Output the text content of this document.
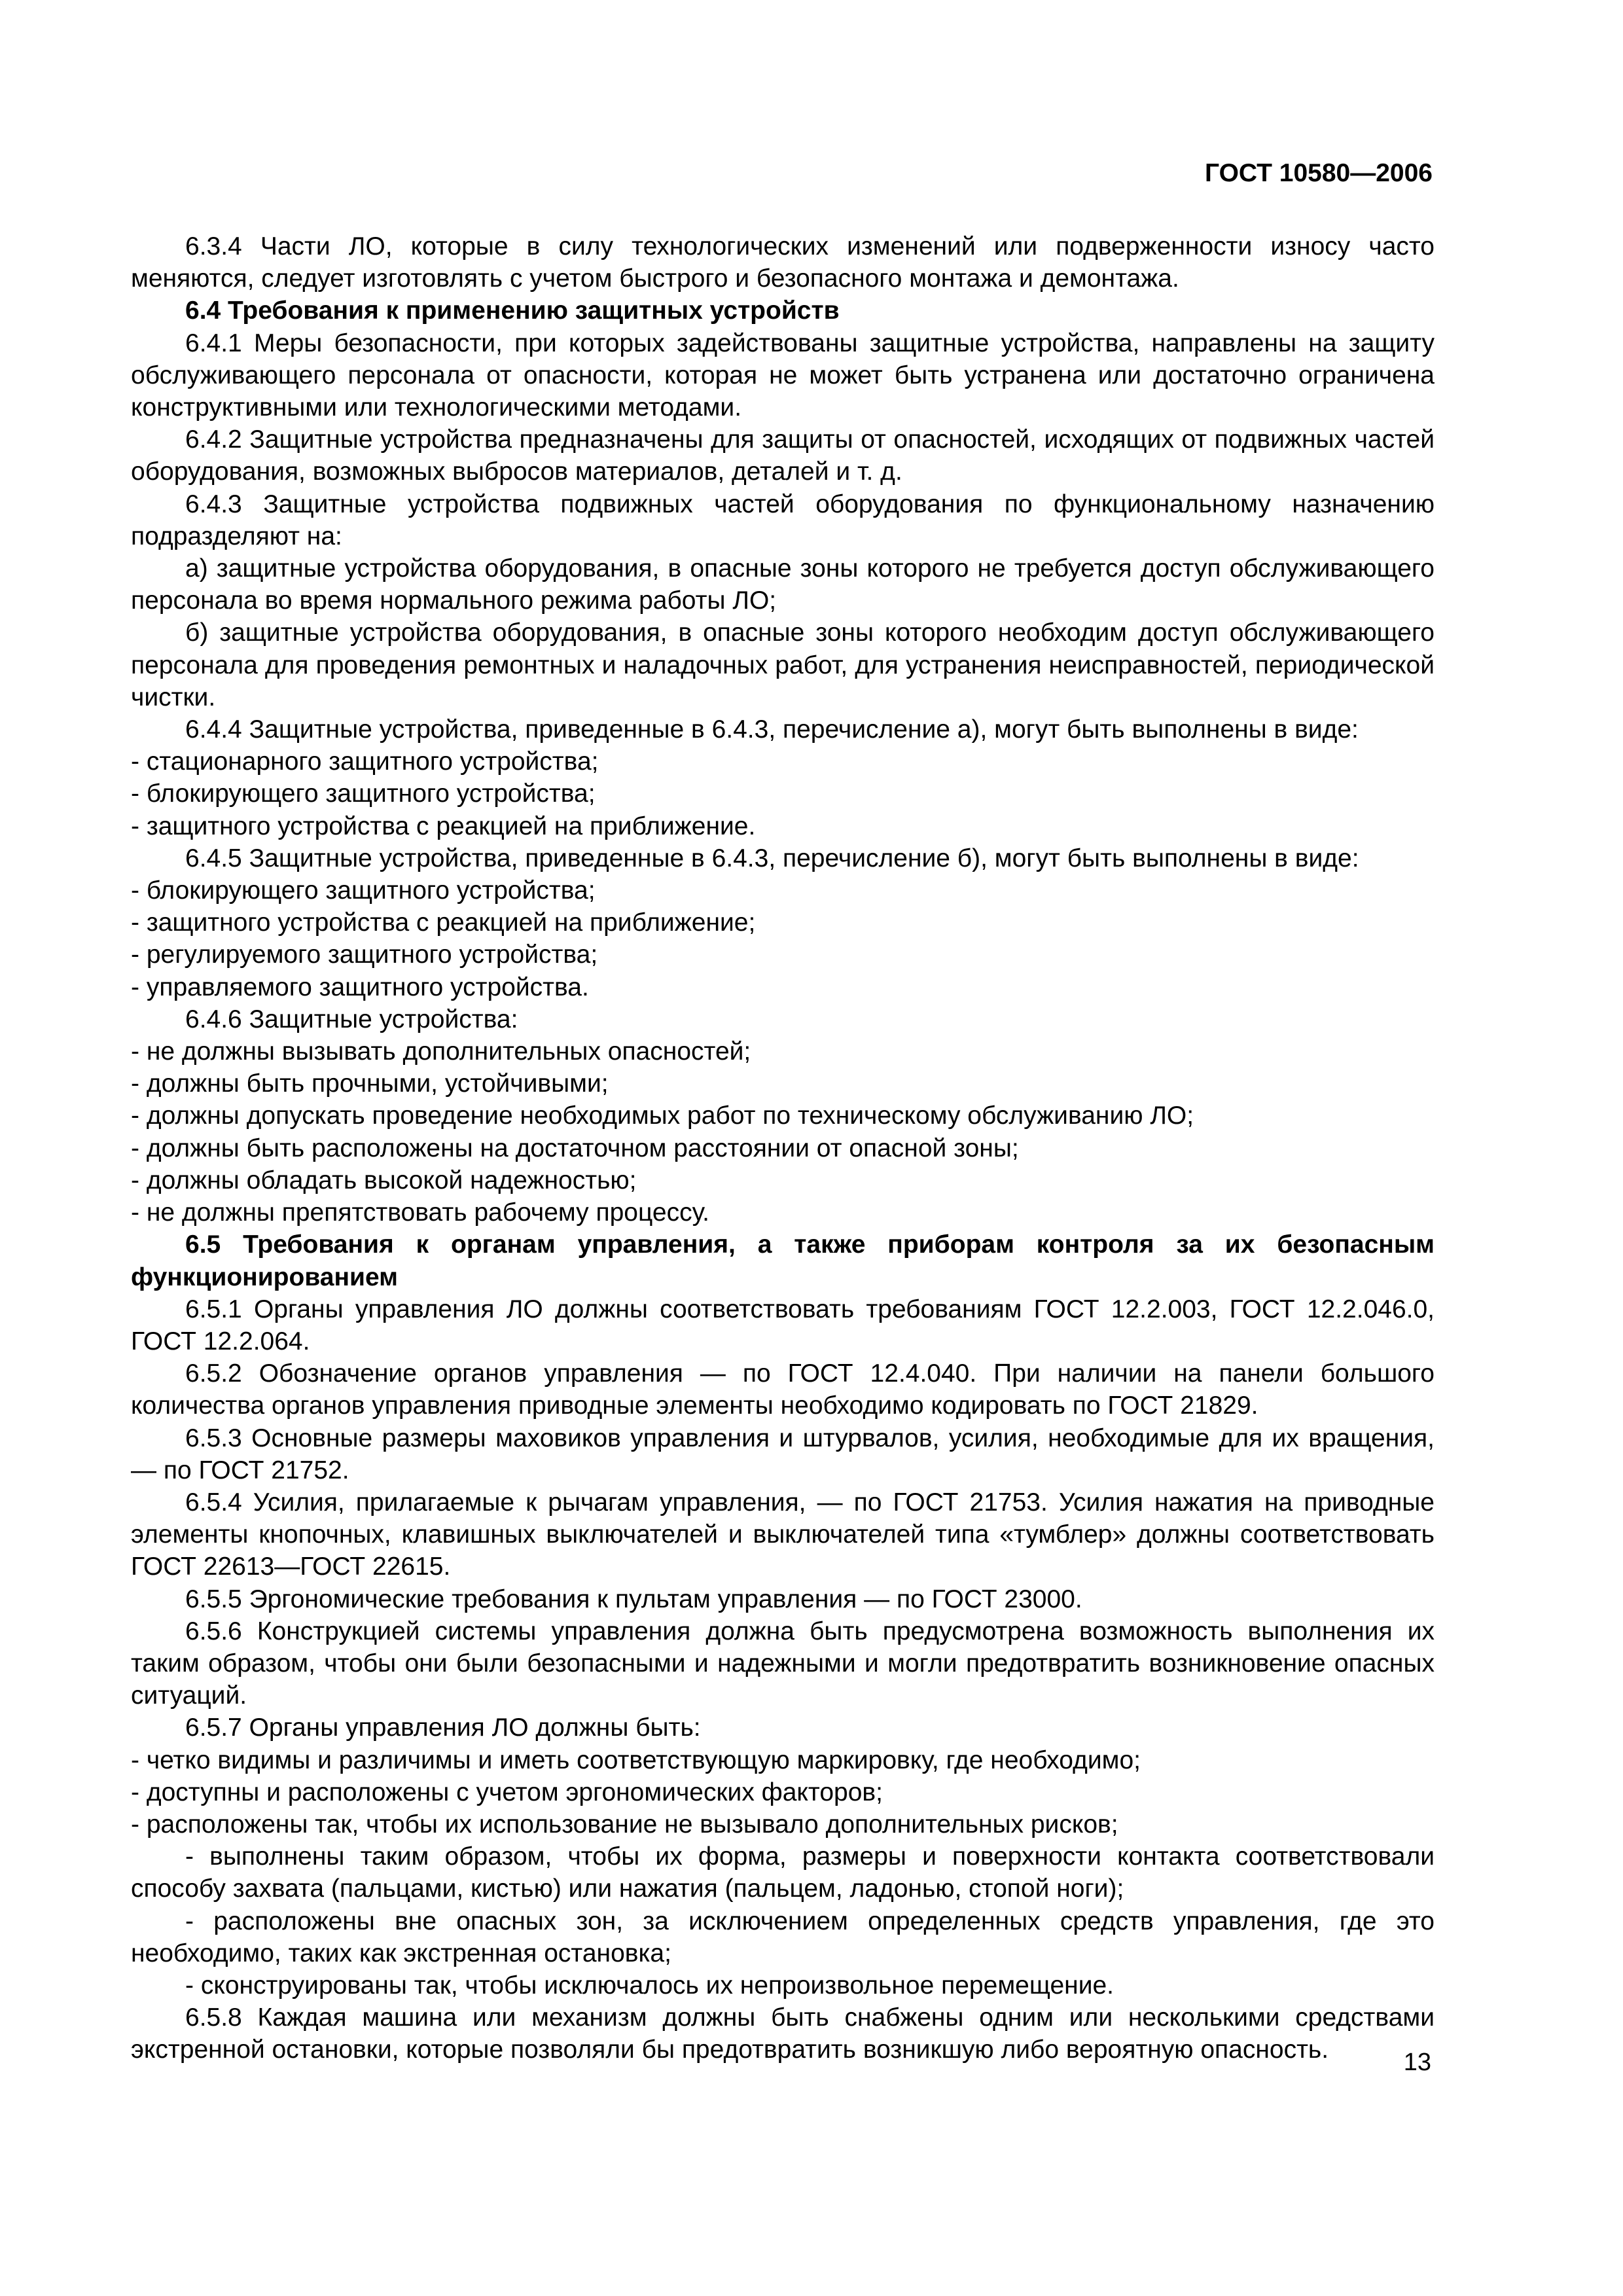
ГОСТ 10580—2006

6.3.4 Части ЛО, которые в силу технологических изменений или подверженности износу часто меняются, следует изготовлять с учетом быстрого и безопасного монтажа и демонтажа.

6.4 Требования к применению защитных устройств

6.4.1 Меры безопасности, при которых задействованы защитные устройства, направлены на защиту обслуживающего персонала от опасности, которая не может быть устранена или достаточно ограничена конструктивными или технологическими методами.

6.4.2 Защитные устройства предназначены для защиты от опасностей, исходящих от подвижных частей оборудования, возможных выбросов материалов, деталей и т. д.

6.4.3 Защитные устройства подвижных частей оборудования по функциональному назначению подразделяют на:

а) защитные устройства оборудования, в опасные зоны которого не требуется доступ обслуживающего персонала во время нормального режима работы ЛО;

б) защитные устройства оборудования, в опасные зоны которого необходим доступ обслуживающего персонала для проведения ремонтных и наладочных работ, для устранения неисправностей, периодической чистки.

6.4.4 Защитные устройства, приведенные в 6.4.3, перечисление а), могут быть выполнены в виде:

- стационарного защитного устройства;

- блокирующего защитного устройства;

- защитного устройства с реакцией на приближение.

6.4.5 Защитные устройства, приведенные в 6.4.3, перечисление б), могут быть выполнены в виде:

- блокирующего защитного устройства;

- защитного устройства с реакцией на приближение;

- регулируемого защитного устройства;

- управляемого защитного устройства.

6.4.6 Защитные устройства:

- не должны вызывать дополнительных опасностей;

- должны быть прочными, устойчивыми;

- должны допускать проведение необходимых работ по техническому обслуживанию ЛО;

- должны быть расположены на достаточном расстоянии от опасной зоны;

- должны обладать высокой надежностью;

- не должны препятствовать рабочему процессу.

6.5 Требования к органам управления, а также приборам контроля за их безопасным функционированием

6.5.1 Органы управления ЛО должны соответствовать требованиям ГОСТ 12.2.003, ГОСТ 12.2.046.0, ГОСТ 12.2.064.

6.5.2 Обозначение органов управления — по ГОСТ 12.4.040. При наличии на панели большого количества органов управления приводные элементы необходимо кодировать по ГОСТ 21829.

6.5.3 Основные размеры маховиков управления и штурвалов, усилия, необходимые для их вращения, — по ГОСТ 21752.

6.5.4 Усилия, прилагаемые к рычагам управления, — по ГОСТ 21753. Усилия нажатия на приводные элементы кнопочных, клавишных выключателей и выключателей типа «тумблер» должны соответствовать ГОСТ 22613—ГОСТ 22615.

6.5.5 Эргономические требования к пультам управления — по ГОСТ 23000.

6.5.6 Конструкцией системы управления должна быть предусмотрена возможность выполнения их таким образом, чтобы они были безопасными и надежными и могли предотвратить возникновение опасных ситуаций.

6.5.7 Органы управления ЛО должны быть:

- четко видимы и различимы и иметь соответствующую маркировку, где необходимо;

- доступны и расположены с учетом эргономических факторов;

- расположены так, чтобы их использование не вызывало дополнительных рисков;

- выполнены таким образом, чтобы их форма, размеры и поверхности контакта соответствовали способу захвата (пальцами, кистью) или нажатия (пальцем, ладонью, стопой ноги);

- расположены вне опасных зон, за исключением определенных средств управления, где это необходимо, таких как экстренная остановка;

- сконструированы так, чтобы исключалось их непроизвольное перемещение.

6.5.8 Каждая машина или механизм должны быть снабжены одним или несколькими средствами экстренной остановки, которые позволяли бы предотвратить возникшую либо вероятную опасность.	13
